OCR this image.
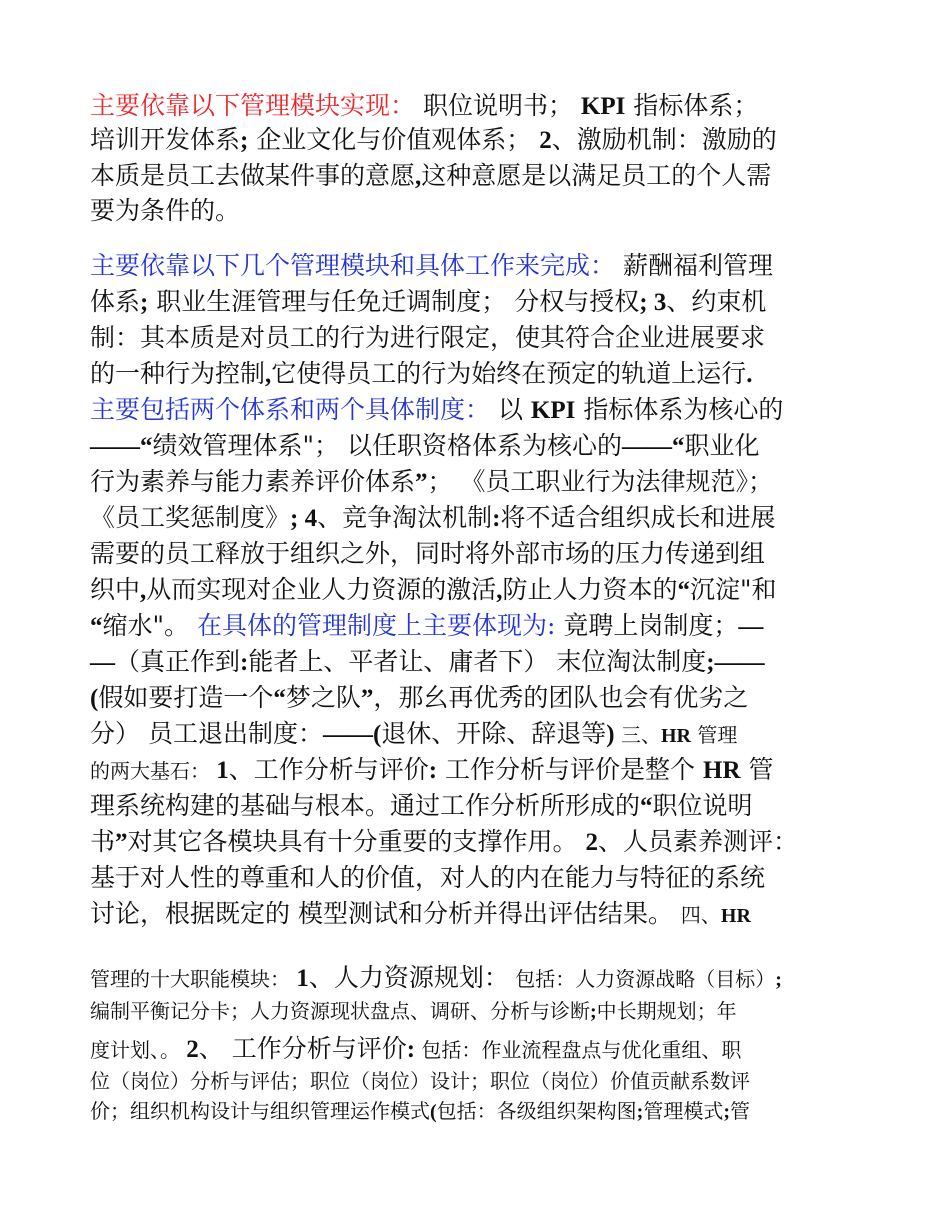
主要依靠以下管理模块实现： 职位说明书； KPI 指标体系；
培训开发体系; 企业文化与价值观体系； 2、激励机制：激励的
本质是员工去做某件事的意愿,这种意愿是以满足员工的个人需
要为条件的。
主要依靠以下几个管理模块和具体工作来完成： 薪酬福利管理
体系; 职业生涯管理与任免迁调制度； 分权与授权; 3、约束机
制：其本质是对员工的行为进行限定，使其符合企业进展要求
的一种行为控制,它使得员工的行为始终在预定的轨道上运行.
主要包括两个体系和两个具体制度： 以 KPI 指标体系为核心的
——“绩效管理体系"； 以任职资格体系为核心的——“职业化
行为素养与能力素养评价体系”； 《员工职业行为法律规范》；
《员工奖惩制度》; 4、竞争淘汰机制:将不适合组织成长和进展
需要的员工释放于组织之外，同时将外部市场的压力传递到组
织中,从而实现对企业人力资源的激活,防止人力资本的“沉淀"和
“缩水"。 在具体的管理制度上主要体现为: 竟聘上岗制度；—
—（真正作到:能者上、平者让、庸者下） 末位淘汰制度;——
(假如要打造一个“梦之队”，那幺再优秀的团队也会有优劣之
分） 员工退出制度：——(退休、开除、辞退等) 三、HR 管理
的两大基石： 1、工作分析与评价: 工作分析与评价是整个 HR 管
理系统构建的基础与根本。通过工作分析所形成的“职位说明
书”对其它各模块具有十分重要的支撑作用。 2、人员素养测评：
基于对人性的尊重和人的价值，对人的内在能力与特征的系统
讨论，根据既定的 模型测试和分析并得出评估结果。 四、HR
管理的十大职能模块： 1、人力资源规划： 包括：人力资源战略（目标）;
编制平衡记分卡；人力资源现状盘点、调研、分析与诊断;中长期规划；年
度计划、。 2、 工作分析与评价: 包括：作业流程盘点与优化重组、职
位（岗位）分析与评估；职位（岗位）设计；职位（岗位）价值贡献系数评
价；组织机构设计与组织管理运作模式(包括：各级组织架构图;管理模式;管
